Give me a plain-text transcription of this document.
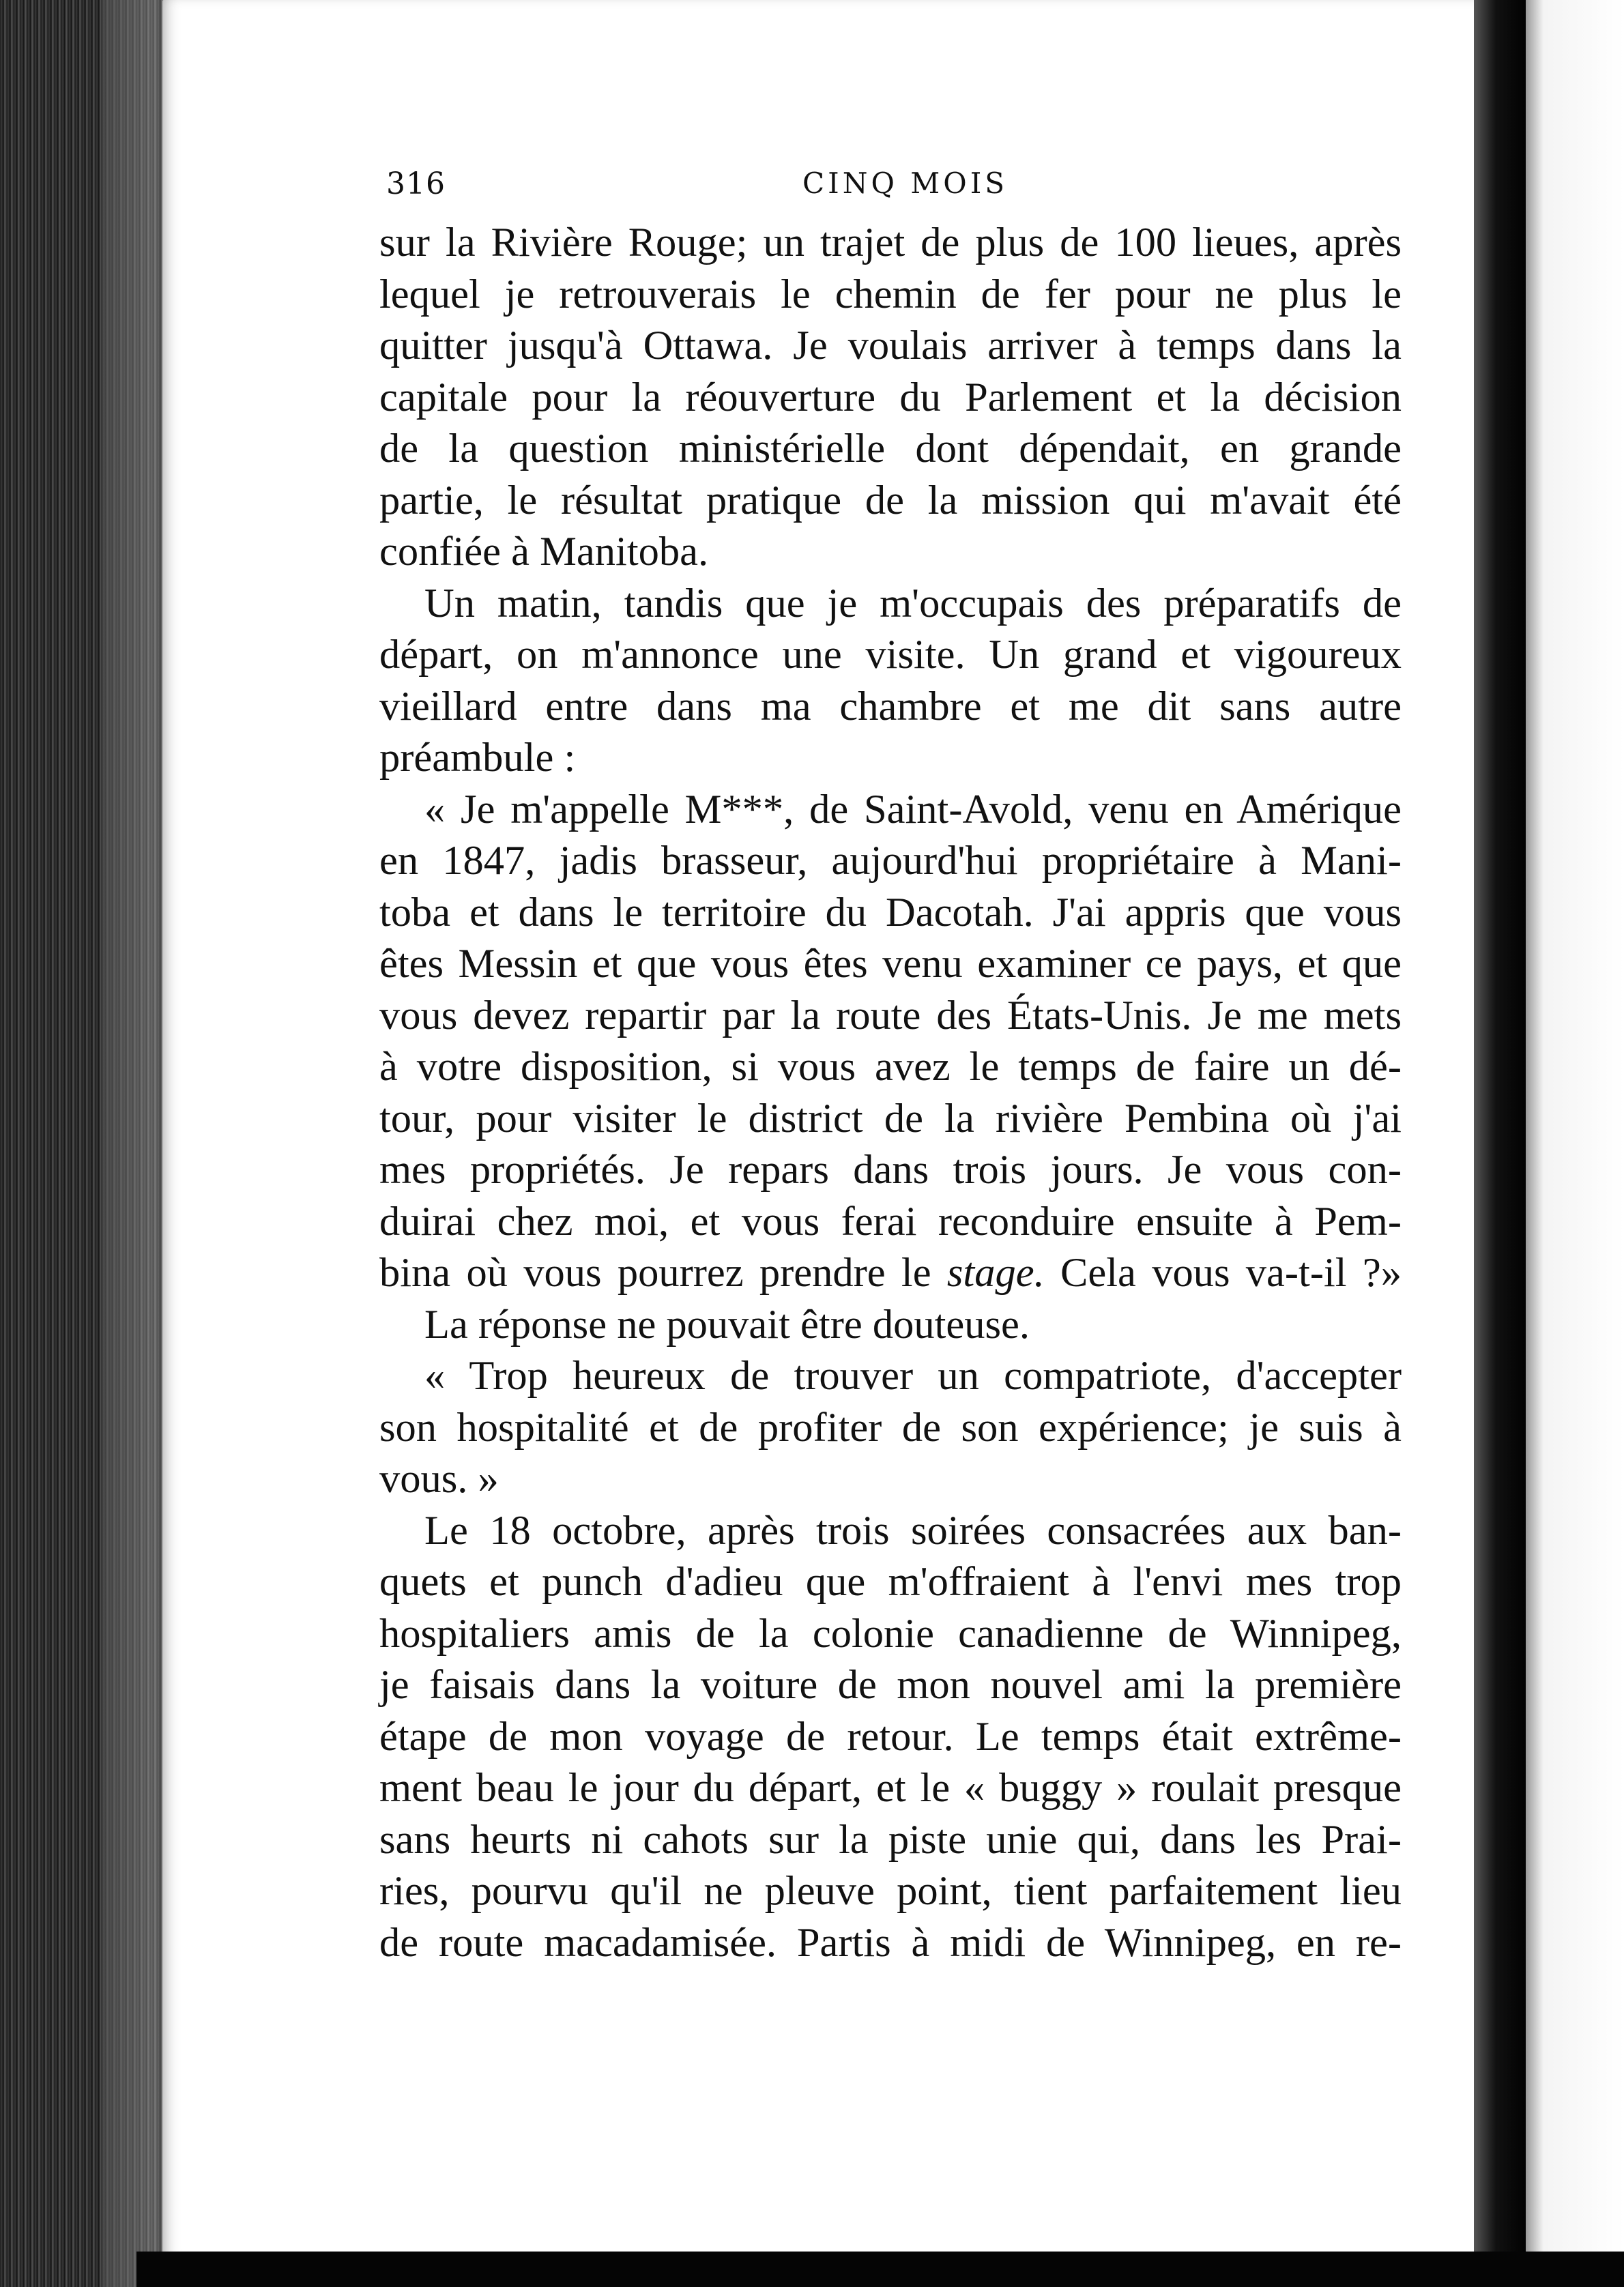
316	CINQ MOIS
sur la Rivière Rouge; un trajet de plus de 100 lieues, après
lequel je retrouverais le chemin de fer pour ne plus le
quitter jusqu'à Ottawa. Je voulais arriver à temps dans la
capitale pour la réouverture du Parlement et la décision
de la question ministérielle dont dépendait, en grande
partie, le résultat pratique de la mission qui m'avait été
confiée à Manitoba.
Un matin, tandis que je m'occupais des préparatifs de
départ, on m'annonce une visite. Un grand et vigoureux
vieillard entre dans ma chambre et me dit sans autre
préambule :
« Je m'appelle M***, de Saint-Avold, venu en Amérique
en 1847, jadis brasseur, aujourd'hui propriétaire à Mani-
toba et dans le territoire du Dacotah. J'ai appris que vous
êtes Messin et que vous êtes venu examiner ce pays, et que
vous devez repartir par la route des États-Unis. Je me mets
à votre disposition, si vous avez le temps de faire un dé-
tour, pour visiter le district de la rivière Pembina où j'ai
mes propriétés. Je repars dans trois jours. Je vous con-
duirai chez moi, et vous ferai reconduire ensuite à Pem-
bina où vous pourrez prendre le stage. Cela vous va-t-il ?»
La réponse ne pouvait être douteuse.
« Trop heureux de trouver un compatriote, d'accepter
son hospitalité et de profiter de son expérience; je suis à
vous. »
Le 18 octobre, après trois soirées consacrées aux ban-
quets et punch d'adieu que m'offraient à l'envi mes trop
hospitaliers amis de la colonie canadienne de Winnipeg,
je faisais dans la voiture de mon nouvel ami la première
étape de mon voyage de retour. Le temps était extrême-
ment beau le jour du départ, et le « buggy » roulait presque
sans heurts ni cahots sur la piste unie qui, dans les Prai-
ries, pourvu qu'il ne pleuve point, tient parfaitement lieu
de route macadamisée. Partis à midi de Winnipeg, en re-
